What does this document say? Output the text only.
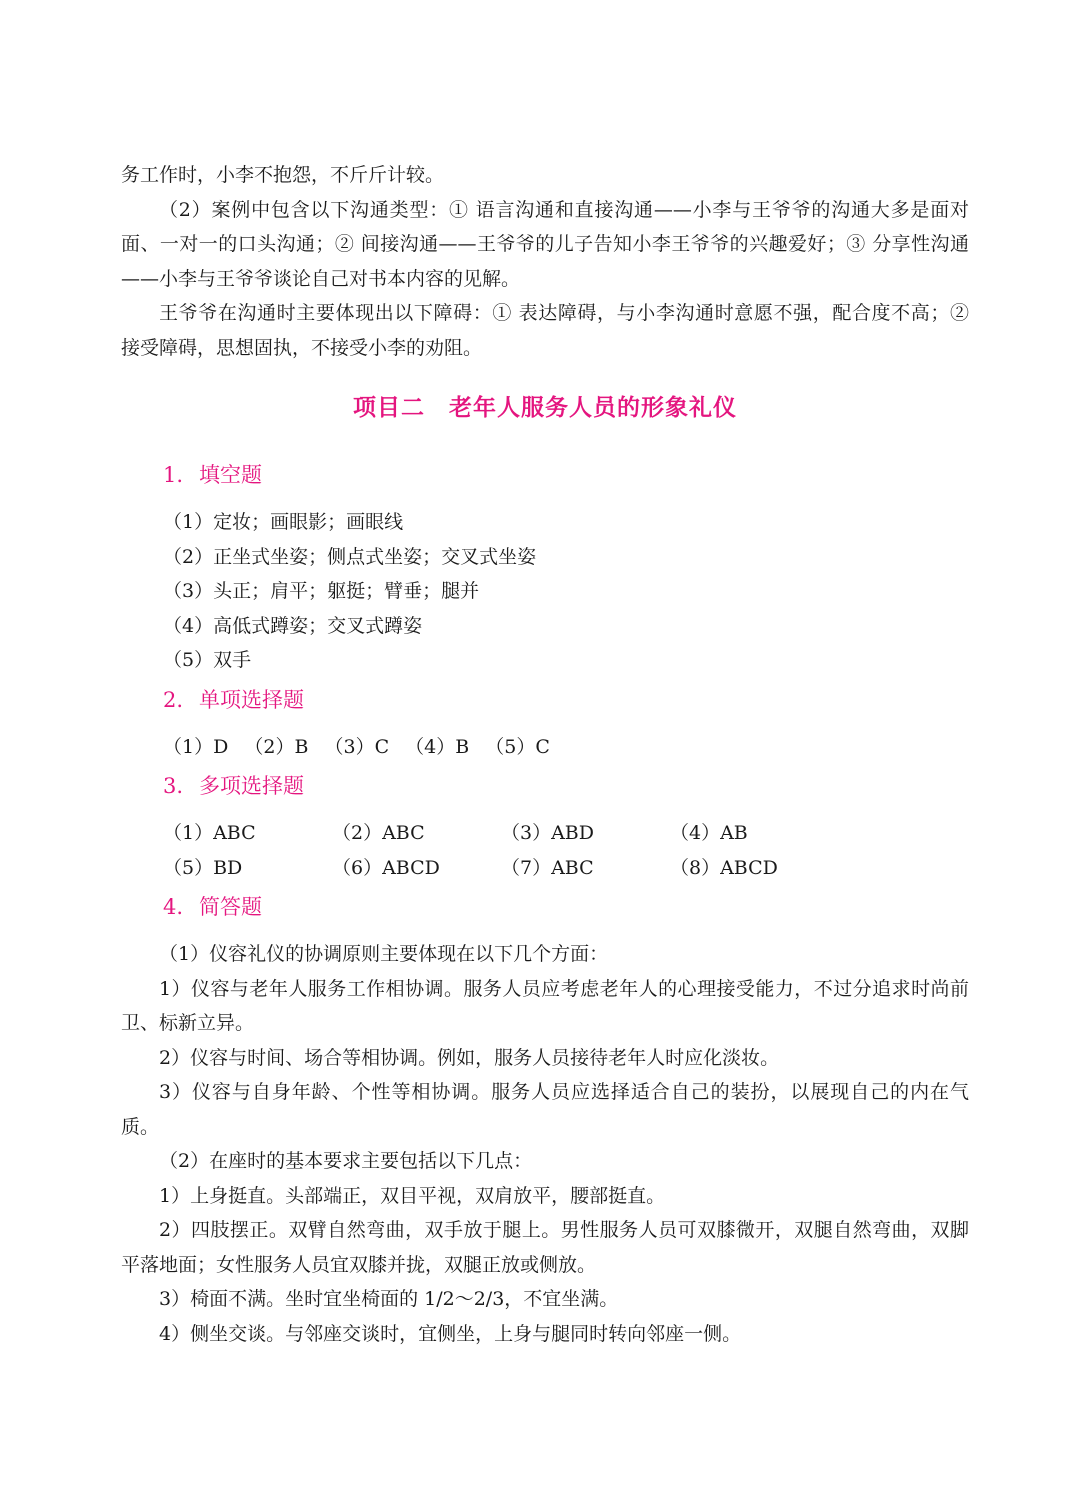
务工作时，小李不抱怨，不斤斤计较。

（2）案例中包含以下沟通类型：① 语言沟通和直接沟通——小李与王爷爷的沟通大多是面对面、一对一的口头沟通；② 间接沟通——王爷爷的儿子告知小李王爷爷的兴趣爱好；③ 分享性沟通——小李与王爷爷谈论自己对书本内容的见解。

王爷爷在沟通时主要体现出以下障碍：① 表达障碍，与小李沟通时意愿不强，配合度不高；② 接受障碍，思想固执，不接受小李的劝阻。

项目二　老年人服务人员的形象礼仪
1. 填空题

（1）定妆；画眼影；画眼线

（2）正坐式坐姿；侧点式坐姿；交叉式坐姿

（3）头正；肩平；躯挺；臂垂；腿并

（4）高低式蹲姿；交叉式蹲姿

（5）双手

2. 单项选择题
（1）D （2）B （3）C （4）B （5）C
3. 多项选择题
（1）ABC	（2）ABC	（3）ABD	（4）AB
（5）BD	（6）ABCD	（7）ABC	（8）ABCD
4. 简答题

（1）仪容礼仪的协调原则主要体现在以下几个方面：

1）仪容与老年人服务工作相协调。服务人员应考虑老年人的心理接受能力，不过分追求时尚前卫、标新立异。

2）仪容与时间、场合等相协调。例如，服务人员接待老年人时应化淡妆。

3）仪容与自身年龄、个性等相协调。服务人员应选择适合自己的装扮，以展现自己的内在气质。

（2）在座时的基本要求主要包括以下几点：

1）上身挺直。头部端正，双目平视，双肩放平，腰部挺直。

2）四肢摆正。双臂自然弯曲，双手放于腿上。男性服务人员可双膝微开，双腿自然弯曲，双脚平落地面；女性服务人员宜双膝并拢，双腿正放或侧放。

3）椅面不满。坐时宜坐椅面的 1/2～2/3，不宜坐满。

4）侧坐交谈。与邻座交谈时，宜侧坐，上身与腿同时转向邻座一侧。
